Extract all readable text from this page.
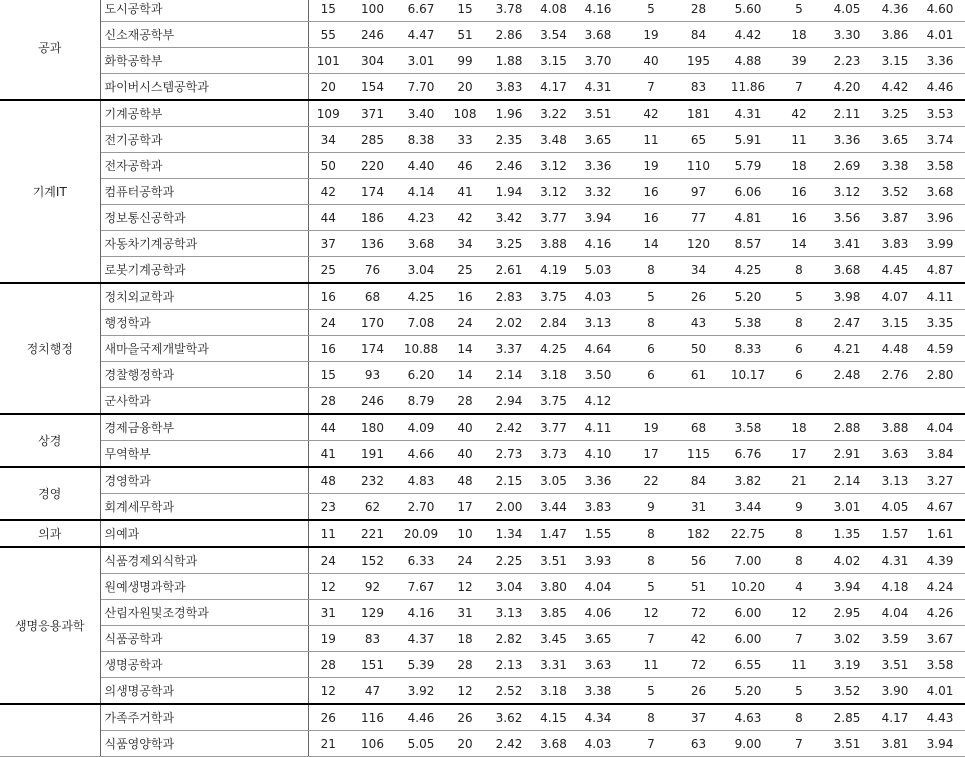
공과	도시공학과	15	100	6.67	15	3.78	4.08	4.16	5	28	5.60	5	4.05	4.36	4.60
	신소재공학부	55	246	4.47	51	2.86	3.54	3.68	19	84	4.42	18	3.30	3.86	4.01
	화학공학부	101	304	3.01	99	1.88	3.15	3.70	40	195	4.88	39	2.23	3.15	3.36
	파이버시스템공학과	20	154	7.70	20	3.83	4.17	4.31	7	83	11.86	7	4.20	4.42	4.46
기계IT	기계공학부	109	371	3.40	108	1.96	3.22	3.51	42	181	4.31	42	2.11	3.25	3.53
	전기공학과	34	285	8.38	33	2.35	3.48	3.65	11	65	5.91	11	3.36	3.65	3.74
	전자공학과	50	220	4.40	46	2.46	3.12	3.36	19	110	5.79	18	2.69	3.38	3.58
	컴퓨터공학과	42	174	4.14	41	1.94	3.12	3.32	16	97	6.06	16	3.12	3.52	3.68
	정보통신공학과	44	186	4.23	42	3.42	3.77	3.94	16	77	4.81	16	3.56	3.87	3.96
	자동차기계공학과	37	136	3.68	34	3.25	3.88	4.16	14	120	8.57	14	3.41	3.83	3.99
	로봇기계공학과	25	76	3.04	25	2.61	4.19	5.03	8	34	4.25	8	3.68	4.45	4.87
정치행정	정치외교학과	16	68	4.25	16	2.83	3.75	4.03	5	26	5.20	5	3.98	4.07	4.11
	행정학과	24	170	7.08	24	2.02	2.84	3.13	8	43	5.38	8	2.47	3.15	3.35
	새마을국제개발학과	16	174	10.88	14	3.37	4.25	4.64	6	50	8.33	6	4.21	4.48	4.59
	경찰행정학과	15	93	6.20	14	2.14	3.18	3.50	6	61	10.17	6	2.48	2.76	2.80
	군사학과	28	246	8.79	28	2.94	3.75	4.12							
상경	경제금융학부	44	180	4.09	40	2.42	3.77	4.11	19	68	3.58	18	2.88	3.88	4.04
	무역학부	41	191	4.66	40	2.73	3.73	4.10	17	115	6.76	17	2.91	3.63	3.84
경영	경영학과	48	232	4.83	48	2.15	3.05	3.36	22	84	3.82	21	2.14	3.13	3.27
	회계세무학과	23	62	2.70	17	2.00	3.44	3.83	9	31	3.44	9	3.01	4.05	4.67
의과	의예과	11	221	20.09	10	1.34	1.47	1.55	8	182	22.75	8	1.35	1.57	1.61
생명응용과학	식품경제외식학과	24	152	6.33	24	2.25	3.51	3.93	8	56	7.00	8	4.02	4.31	4.39
	원예생명과학과	12	92	7.67	12	3.04	3.80	4.04	5	51	10.20	4	3.94	4.18	4.24
	산림자원및조경학과	31	129	4.16	31	3.13	3.85	4.06	12	72	6.00	12	2.95	4.04	4.26
	식품공학과	19	83	4.37	18	2.82	3.45	3.65	7	42	6.00	7	3.02	3.59	3.67
	생명공학과	28	151	5.39	28	2.13	3.31	3.63	11	72	6.55	11	3.19	3.51	3.58
	의생명공학과	12	47	3.92	12	2.52	3.18	3.38	5	26	5.20	5	3.52	3.90	4.01
	가족주거학과	26	116	4.46	26	3.62	4.15	4.34	8	37	4.63	8	2.85	4.17	4.43
	식품영양학과	21	106	5.05	20	2.42	3.68	4.03	7	63	9.00	7	3.51	3.81	3.94
